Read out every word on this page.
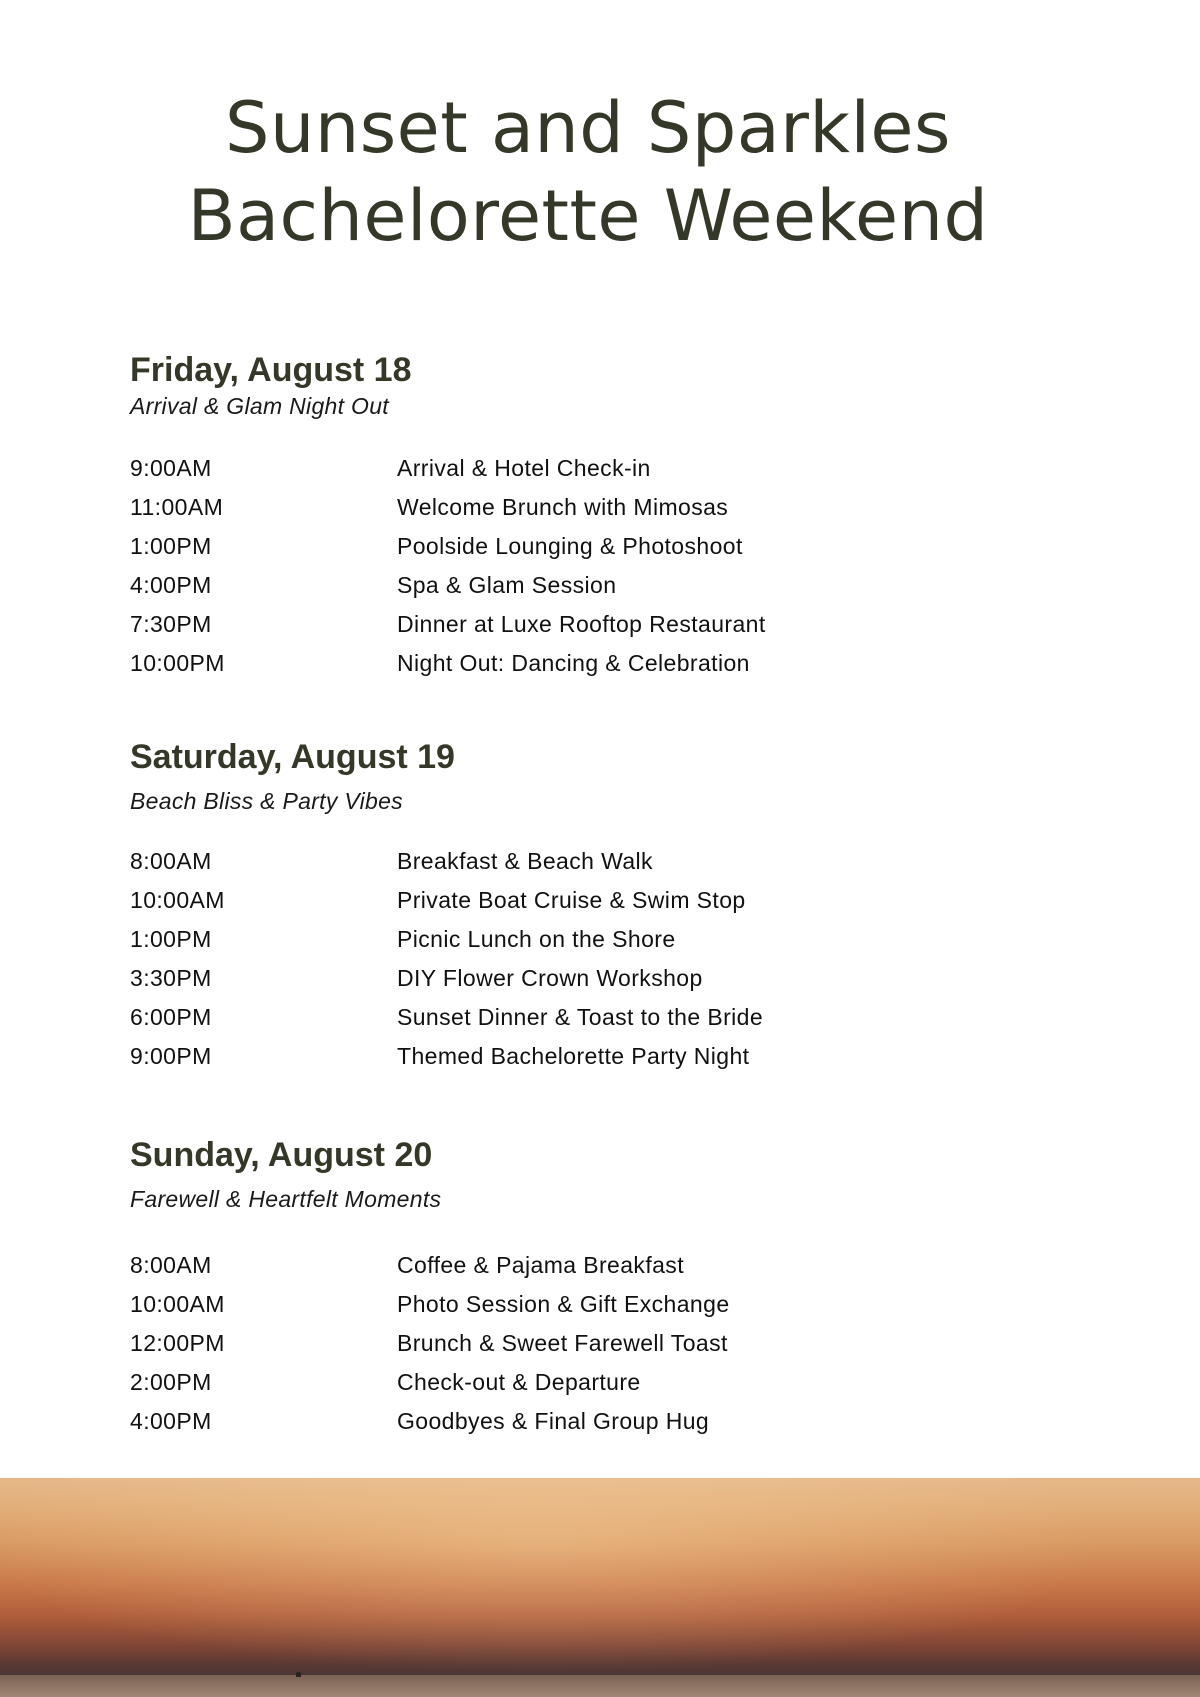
Sunset and Sparkles
Bachelorette Weekend
Friday, August 18

Arrival & Glam Night Out

9:00AM	Arrival & Hotel Check-in
11:00AM	Welcome Brunch with Mimosas
1:00PM	Poolside Lounging & Photoshoot
4:00PM	Spa & Glam Session
7:30PM	Dinner at Luxe Rooftop Restaurant
10:00PM	Night Out: Dancing & Celebration
Saturday, August 19

Beach Bliss & Party Vibes

8:00AM	Breakfast & Beach Walk
10:00AM	Private Boat Cruise & Swim Stop
1:00PM	Picnic Lunch on the Shore
3:30PM	DIY Flower Crown Workshop
6:00PM	Sunset Dinner & Toast to the Bride
9:00PM	Themed Bachelorette Party Night
Sunday, August 20

Farewell & Heartfelt Moments

8:00AM	Coffee & Pajama Breakfast
10:00AM	Photo Session & Gift Exchange
12:00PM	Brunch & Sweet Farewell Toast
2:00PM	Check-out & Departure
4:00PM	Goodbyes & Final Group Hug
